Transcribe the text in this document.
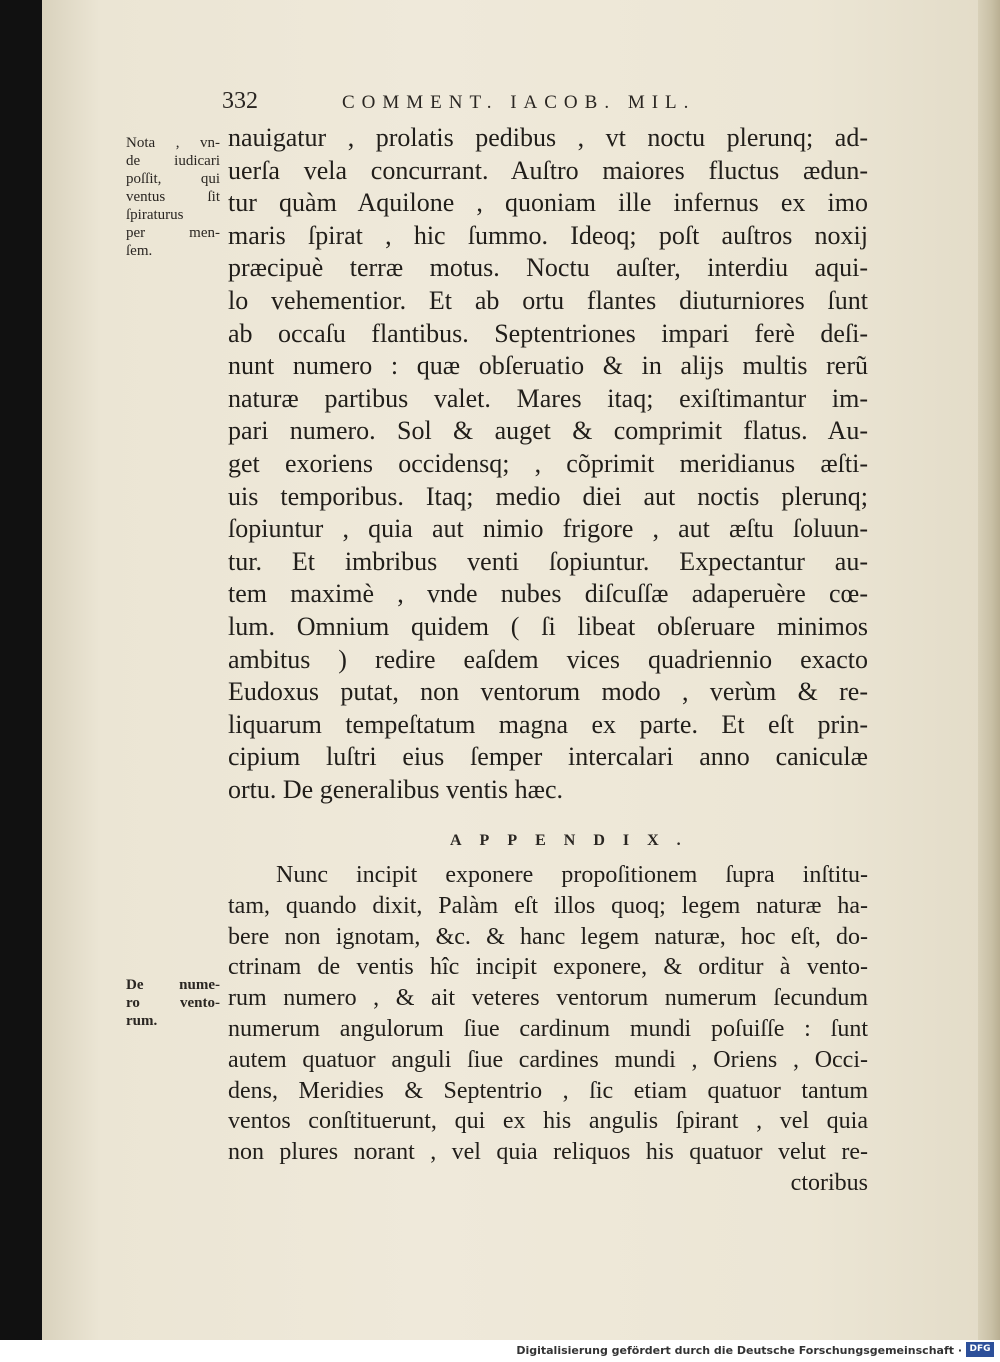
332	COMMENT. IACOB. MIL.
Nota , vn-
de iudicari
poſſit, qui
ventus ſit
ſpiraturus
per men-
ſem.
nauigatur , prolatis pedibus , vt noctu plerunq; ad-
uerſa vela concurrant. Auſtro maiores fluctus ædun-
tur quàm Aquilone , quoniam ille infernus ex imo
maris ſpirat , hic ſummo. Ideoq; poſt auſtros noxij
præcipuè terræ motus. Noctu auſter, interdiu aqui-
lo vehementior. Et ab ortu flantes diuturniores ſunt
ab occaſu flantibus. Septentriones impari ferè deſi-
nunt numero : quæ obſeruatio & in alijs multis rerũ
naturæ partibus valet. Mares itaq; exiſtimantur im-
pari numero. Sol & auget & comprimit flatus. Au-
get exoriens occidensq; , cõprimit meridianus æſti-
uis temporibus. Itaq; medio diei aut noctis plerunq;
ſopiuntur , quia aut nimio frigore , aut æſtu ſoluun-
tur. Et imbribus venti ſopiuntur. Expectantur au-
tem maximè , vnde nubes diſcuſſæ adaperuère cœ-
lum. Omnium quidem ( ſi libeat obſeruare minimos
ambitus ) redire eaſdem vices quadriennio exacto
Eudoxus putat, non ventorum modo , verùm & re-
liquarum tempeſtatum magna ex parte. Et eſt prin-
cipium luſtri eius ſemper intercalari anno caniculæ
ortu. De generalibus ventis hæc.
APPENDIX.
De nume-
ro vento-
rum.
Nunc incipit exponere propoſitionem ſupra inſtitu-
tam, quando dixit, Palàm eſt illos quoq; legem naturæ ha-
bere non ignotam, &c. & hanc legem naturæ, hoc eſt, do-
ctrinam de ventis hîc incipit exponere, & orditur à vento-
rum numero , & ait veteres ventorum numerum ſecundum
numerum angulorum ſiue cardinum mundi poſuiſſe : ſunt
autem quatuor anguli ſiue cardines mundi , Oriens , Occi-
dens, Meridies & Septentrio , ſic etiam quatuor tantum
ventos conſtituerunt, qui ex his angulis ſpirant , vel quia
non plures norant , vel quia reliquos his quatuor velut re-
ctoribus
Digitalisierung gefördert durch die Deutsche Forschungsgemeinschaft · DFG
